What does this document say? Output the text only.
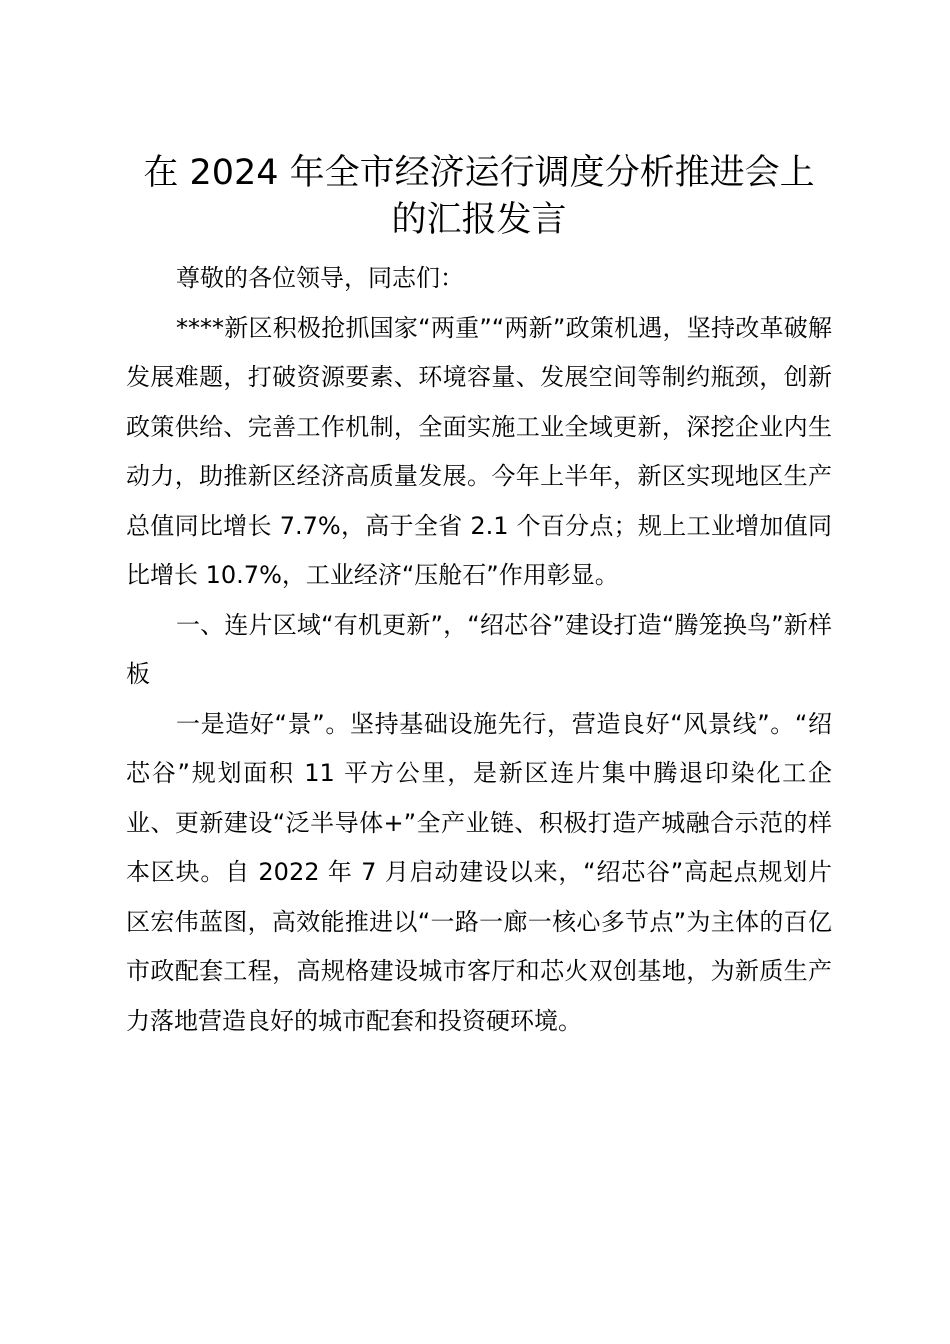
在 2024 年全市经济运行调度分析推进会上的汇报发言

尊敬的各位领导，同志们：

****新区积极抢抓国家“两重”“两新”政策机遇，坚持改革破解发展难题，打破资源要素、环境容量、发展空间等制约瓶颈，创新政策供给、完善工作机制，全面实施工业全域更新，深挖企业内生动力，助推新区经济高质量发展。今年上半年，新区实现地区生产总值同比增长 7.7%，高于全省 2.1 个百分点；规上工业增加值同比增长 10.7%，工业经济“压舱石”作用彰显。

一、连片区域“有机更新”，“绍芯谷”建设打造“腾笼换鸟”新样板

一是造好“景”。坚持基础设施先行，营造良好“风景线”。“绍芯谷”规划面积 11 平方公里，是新区连片集中腾退印染化工企业、更新建设“泛半导体+”全产业链、积极打造产城融合示范的样本区块。自 2022 年 7 月启动建设以来，“绍芯谷”高起点规划片区宏伟蓝图，高效能推进以“一路一廊一核心多节点”为主体的百亿市政配套工程，高规格建设城市客厅和芯火双创基地，为新质生产力落地营造良好的城市配套和投资硬环境。
